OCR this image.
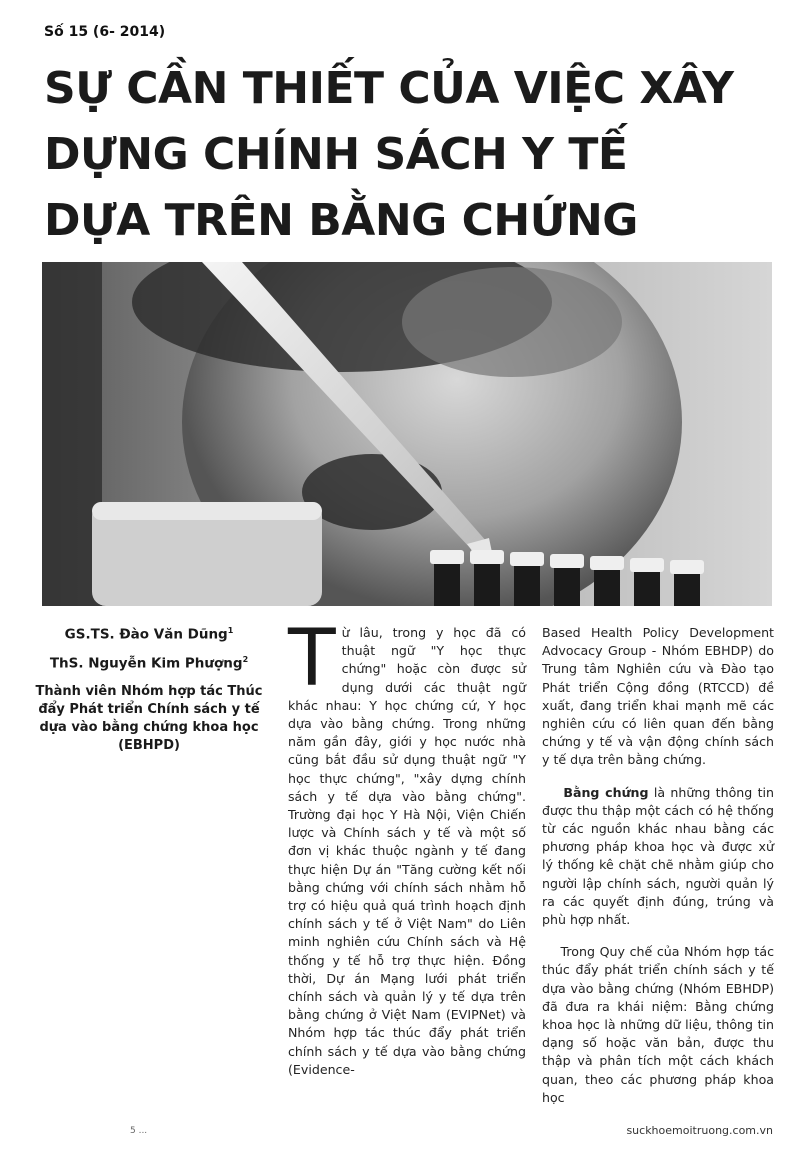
Số 15 (6- 2014)
SỰ CẦN THIẾT CỦA VIỆC XÂY
DỰNG CHÍNH SÁCH Y TẾ
DỰA TRÊN BẰNG CHỨNG
GS.TS. Đào Văn Dũng$^1$
ThS. Nguyễn Kim Phượng$^2$
Thành viên Nhóm hợp tác Thúc đẩy Phát triển Chính sách y tế dựa vào bằng chứng khoa học (EBHPD)

Từ lâu, trong y học đã có thuật ngữ "Y học thực chứng" hoặc còn được sử dụng dưới các thuật ngữ khác nhau: Y học chứng cứ, Y học dựa vào bằng chứng. Trong những năm gần đây, giới y học nước nhà cũng bắt đầu sử dụng thuật ngữ "Y học thực chứng", "xây dựng chính sách y tế dựa vào bằng chứng". Trường đại học Y Hà Nội, Viện Chiến lược và Chính sách y tế và một số đơn vị khác thuộc ngành y tế đang thực hiện Dự án "Tăng cường kết nối bằng chứng với chính sách nhằm hỗ trợ có hiệu quả quá trình hoạch định chính sách y tế ở Việt Nam" do Liên minh nghiên cứu Chính sách và Hệ thống y tế hỗ trợ thực hiện. Đồng thời, Dự án Mạng lưới phát triển chính sách và quản lý y tế dựa trên bằng chứng ở Việt Nam (EVIPNet) và Nhóm hợp tác thúc đẩy phát triển chính sách y tế dựa vào bằng chứng (Evidence-

Based Health Policy Development Advocacy Group - Nhóm EBHDP) do Trung tâm Nghiên cứu và Đào tạo Phát triển Cộng đồng (RTCCD) đề xuất, đang triển khai mạnh mẽ các nghiên cứu có liên quan đến bằng chứng y tế và vận động chính sách y tế dựa trên bằng chứng.

Bằng chứng là những thông tin được thu thập một cách có hệ thống từ các nguồn khác nhau bằng các phương pháp khoa học và được xử lý thống kê chặt chẽ nhằm giúp cho người lập chính sách, người quản lý ra các quyết định đúng, trúng và phù hợp nhất.

Trong Quy chế của Nhóm hợp tác thúc đẩy phát triển chính sách y tế dựa vào bằng chứng (Nhóm EBHDP) đã đưa ra khái niệm: Bằng chứng khoa học là những dữ liệu, thông tin dạng số hoặc văn bản, được thu thập và phân tích một cách khách quan, theo các phương pháp khoa học

5 ...	suckhoemoitruong.com.vn
